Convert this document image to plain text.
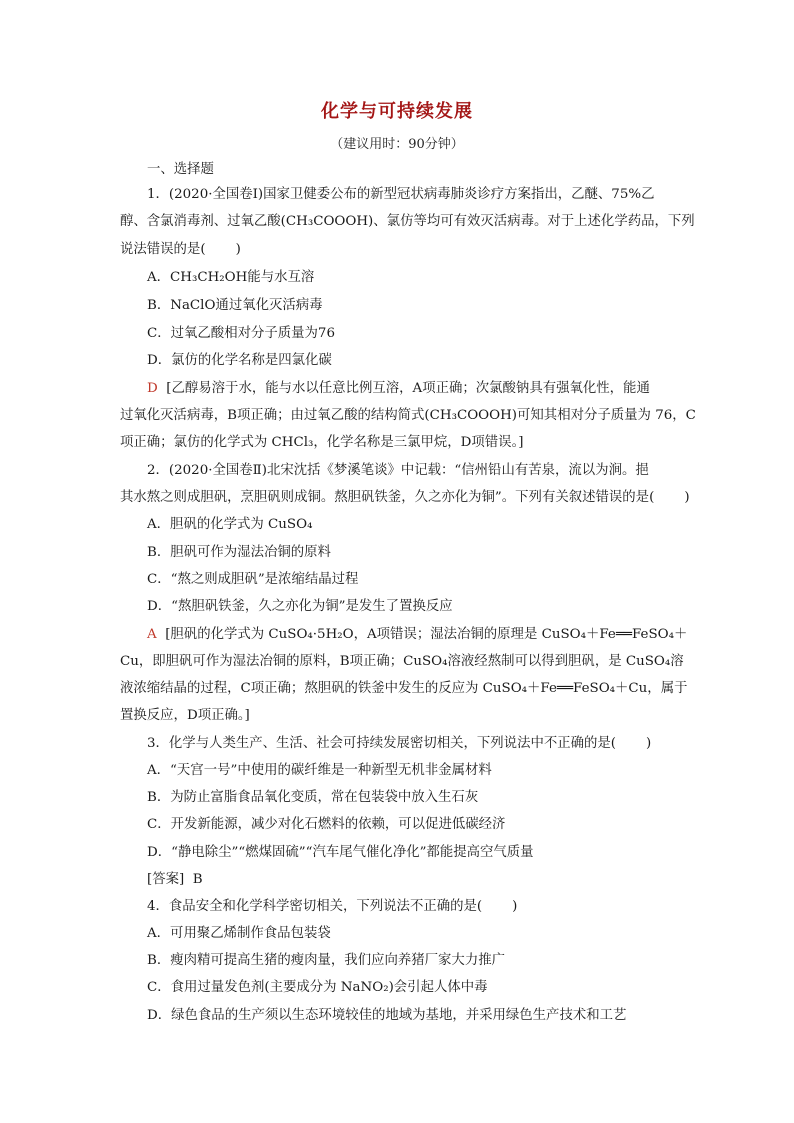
化学与可持续发展
（建议用时：90分钟）
一、选择题
1．(2020·全国卷Ⅰ)国家卫健委公布的新型冠状病毒肺炎诊疗方案指出，乙醚、75%乙
醇、含氯消毒剂、过氧乙酸(CH₃COOOH)、氯仿等均可有效灭活病毒。对于上述化学药品，下列
说法错误的是( )
A．CH₃CH₂OH能与水互溶
B．NaClO通过氧化灭活病毒
C．过氧乙酸相对分子质量为76
D．氯仿的化学名称是四氯化碳
D [乙醇易溶于水，能与水以任意比例互溶，A项正确；次氯酸钠具有强氧化性，能通
过氧化灭活病毒，B项正确；由过氧乙酸的结构简式(CH₃COOOH)可知其相对分子质量为 76，C
项正确；氯仿的化学式为 CHCl₃，化学名称是三氯甲烷，D项错误。]
2．(2020·全国卷Ⅱ)北宋沈括《梦溪笔谈》中记载：“信州铅山有苦泉，流以为涧。挹
其水熬之则成胆矾，烹胆矾则成铜。熬胆矾铁釜，久之亦化为铜”。下列有关叙述错误的是( )
A．胆矾的化学式为 CuSO₄
B．胆矾可作为湿法冶铜的原料
C．“熬之则成胆矾”是浓缩结晶过程
D．“熬胆矾铁釜，久之亦化为铜”是发生了置换反应
A [胆矾的化学式为 CuSO₄·5H₂O，A项错误；湿法冶铜的原理是 CuSO₄＋Fe══FeSO₄＋
Cu，即胆矾可作为湿法冶铜的原料，B项正确；CuSO₄溶液经熬制可以得到胆矾，是 CuSO₄溶
液浓缩结晶的过程，C项正确；熬胆矾的铁釜中发生的反应为 CuSO₄＋Fe══FeSO₄＋Cu，属于
置换反应，D项正确。]
3．化学与人类生产、生活、社会可持续发展密切相关，下列说法中不正确的是( )
A．“天宫一号”中使用的碳纤维是一种新型无机非金属材料
B．为防止富脂食品氧化变质，常在包装袋中放入生石灰
C．开发新能源，减少对化石燃料的依赖，可以促进低碳经济
D．“静电除尘”“燃煤固硫”“汽车尾气催化净化”都能提高空气质量
[答案] B
4．食品安全和化学科学密切相关，下列说法不正确的是( )
A．可用聚乙烯制作食品包装袋
B．瘦肉精可提高生猪的瘦肉量，我们应向养猪厂家大力推广
C．食用过量发色剂(主要成分为 NaNO₂)会引起人体中毒
D．绿色食品的生产须以生态环境较佳的地域为基地，并采用绿色生产技术和工艺
